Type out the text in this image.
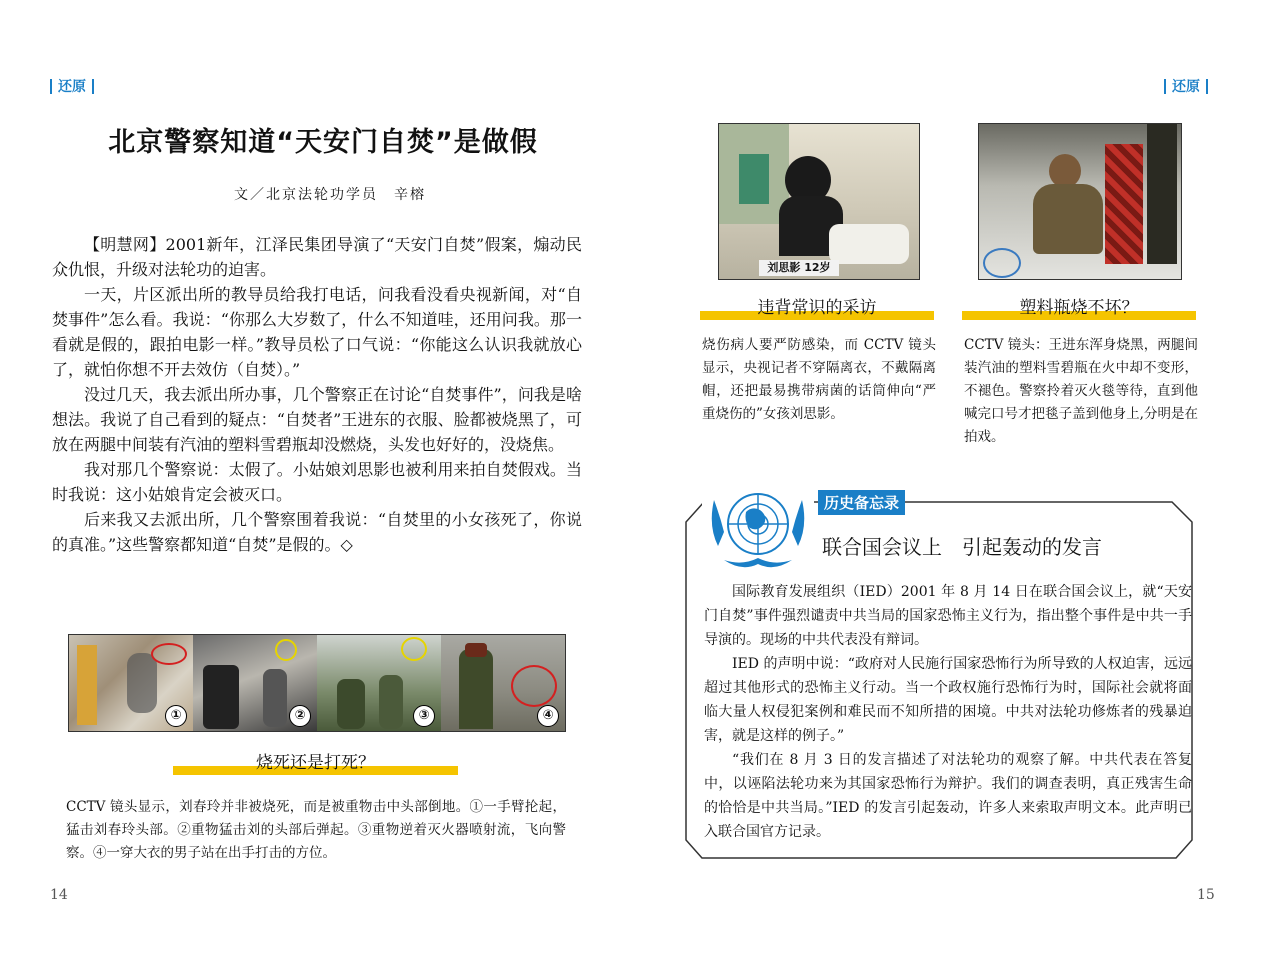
还原
北京警察知道“天安门自焚”是做假
文／北京法轮功学员　辛榕

【明慧网】2001新年，江泽民集团导演了“天安门自焚”假案，煽动民众仇恨，升级对法轮功的迫害。

一天，片区派出所的教导员给我打电话，问我看没看央视新闻，对“自焚事件”怎么看。我说：“你那么大岁数了，什么不知道哇，还用问我。那一看就是假的，跟拍电影一样。”教导员松了口气说：“你能这么认识我就放心了，就怕你想不开去效仿（自焚）。”

没过几天，我去派出所办事，几个警察正在讨论“自焚事件”，问我是啥想法。我说了自己看到的疑点：“自焚者”王进东的衣服、脸都被烧黑了，可放在两腿中间装有汽油的塑料雪碧瓶却没燃烧，头发也好好的，没烧焦。

我对那几个警察说：太假了。小姑娘刘思影也被利用来拍自焚假戏。当时我说：这小姑娘肯定会被灭口。

后来我又去派出所，几个警察围着我说：“自焚里的小女孩死了，你说的真准。”这些警察都知道“自焚”是假的。◇

①	②	③	④
烧死还是打死？
CCTV 镜头显示，刘春玲并非被烧死，而是被重物击中头部倒地。①一手臂抡起，猛击刘春玲头部。②重物猛击刘的头部后弹起。③重物逆着灭火器喷射流，飞向警察。④一穿大衣的男子站在出手打击的方位。
14
还原
刘思影 12岁
违背常识的采访
烧伤病人要严防感染，而 CCTV 镜头显示，央视记者不穿隔离衣，不戴隔离帽，还把最易携带病菌的话筒伸向“严重烧伤的”女孩刘思影。
塑料瓶烧不坏？
CCTV 镜头：王进东浑身烧黑，两腿间装汽油的塑料雪碧瓶在火中却不变形，不褪色。警察拎着灭火毯等待，直到他喊完口号才把毯子盖到他身上,分明是在拍戏。
历史备忘录
联合国会议上　引起轰动的发言

国际教育发展组织（IED）2001 年 8 月 14 日在联合国会议上，就“天安门自焚”事件强烈谴责中共当局的国家恐怖主义行为，指出整个事件是中共一手导演的。现场的中共代表没有辩词。

IED 的声明中说：“政府对人民施行国家恐怖行为所导致的人权迫害，远远超过其他形式的恐怖主义行动。当一个政权施行恐怖行为时，国际社会就将面临大量人权侵犯案例和难民而不知所措的困境。中共对法轮功修炼者的残暴迫害，就是这样的例子。”

“我们在 8 月 3 日的发言描述了对法轮功的观察了解。中共代表在答复中，以诬陷法轮功来为其国家恐怖行为辩护。我们的调查表明，真正残害生命的恰恰是中共当局。”IED 的发言引起轰动，许多人来索取声明文本。此声明已入联合国官方记录。

15
